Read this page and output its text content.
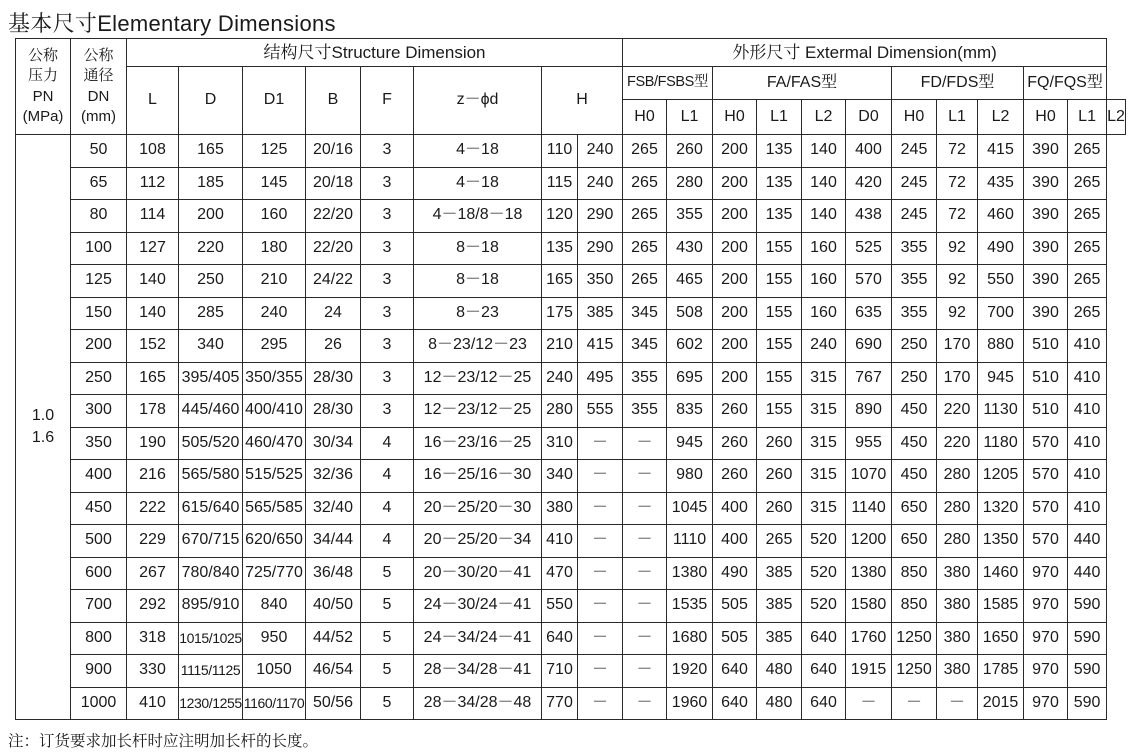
基本尺寸Elementary Dimensions
公称
压力
PN
(MPa)	公称
通径
DN
(mm)	结构尺寸Structure Dimension								外形尺寸 Extermal Dimension(mm)											
		L	D	D1	B	F	z－ϕd	H		FSB/FSBS型		FA/FAS型				FD/FDS型			FQ/FQS型		
										H0	L1	H0	L1	L2	D0	H0	L1	L2	H0	L1	L2

1.0
1.6	50	108	165	125	20/16	3	4－18	110	240	265	260	200	135	140	400	245	72	415	390	265	
	65	112	185	145	20/18	3	4－18	115	240	265	280	200	135	140	420	245	72	435	390	265	
	80	114	200	160	22/20	3	4－18/8－18	120	290	265	355	200	135	140	438	245	72	460	390	265	
	100	127	220	180	22/20	3	8－18	135	290	265	430	200	155	160	525	355	92	490	390	265	
	125	140	250	210	24/22	3	8－18	165	350	265	465	200	155	160	570	355	92	550	390	265	
	150	140	285	240	24	3	8－23	175	385	345	508	200	155	160	635	355	92	700	390	265	
	200	152	340	295	26	3	8－23/12－23	210	415	345	602	200	155	240	690	250	170	880	510	410	
	250	165	395/405	350/355	28/30	3	12－23/12－25	240	495	355	695	200	155	315	767	250	170	945	510	410	
	300	178	445/460	400/410	28/30	3	12－23/12－25	280	555	355	835	260	155	315	890	450	220	1130	510	410	
	350	190	505/520	460/470	30/34	4	16－23/16－25	310	－	－	945	260	260	315	955	450	220	1180	570	410	
	400	216	565/580	515/525	32/36	4	16－25/16－30	340	－	－	980	260	260	315	1070	450	280	1205	570	410	
	450	222	615/640	565/585	32/40	4	20－25/20－30	380	－	－	1045	400	260	315	1140	650	280	1320	570	410	
	500	229	670/715	620/650	34/44	4	20－25/20－34	410	－	－	1110	400	265	520	1200	650	280	1350	570	440	
	600	267	780/840	725/770	36/48	5	20－30/20－41	470	－	－	1380	490	385	520	1380	850	380	1460	970	440	
	700	292	895/910	840	40/50	5	24－30/24－41	550	－	－	1535	505	385	520	1580	850	380	1585	970	590	
	800	318	1015/1025	950	44/52	5	24－34/24－41	640	－	－	1680	505	385	640	1760	1250	380	1650	970	590	
	900	330	1115/1125	1050	46/54	5	28－34/28－41	710	－	－	1920	640	480	640	1915	1250	380	1785	970	590	
	1000	410	1230/1255	1160/1170	50/56	5	28－34/28－48	770	－	－	1960	640	480	640	－	－	－	2015	970	590	
注：订货要求加长杆时应注明加长杆的长度。
